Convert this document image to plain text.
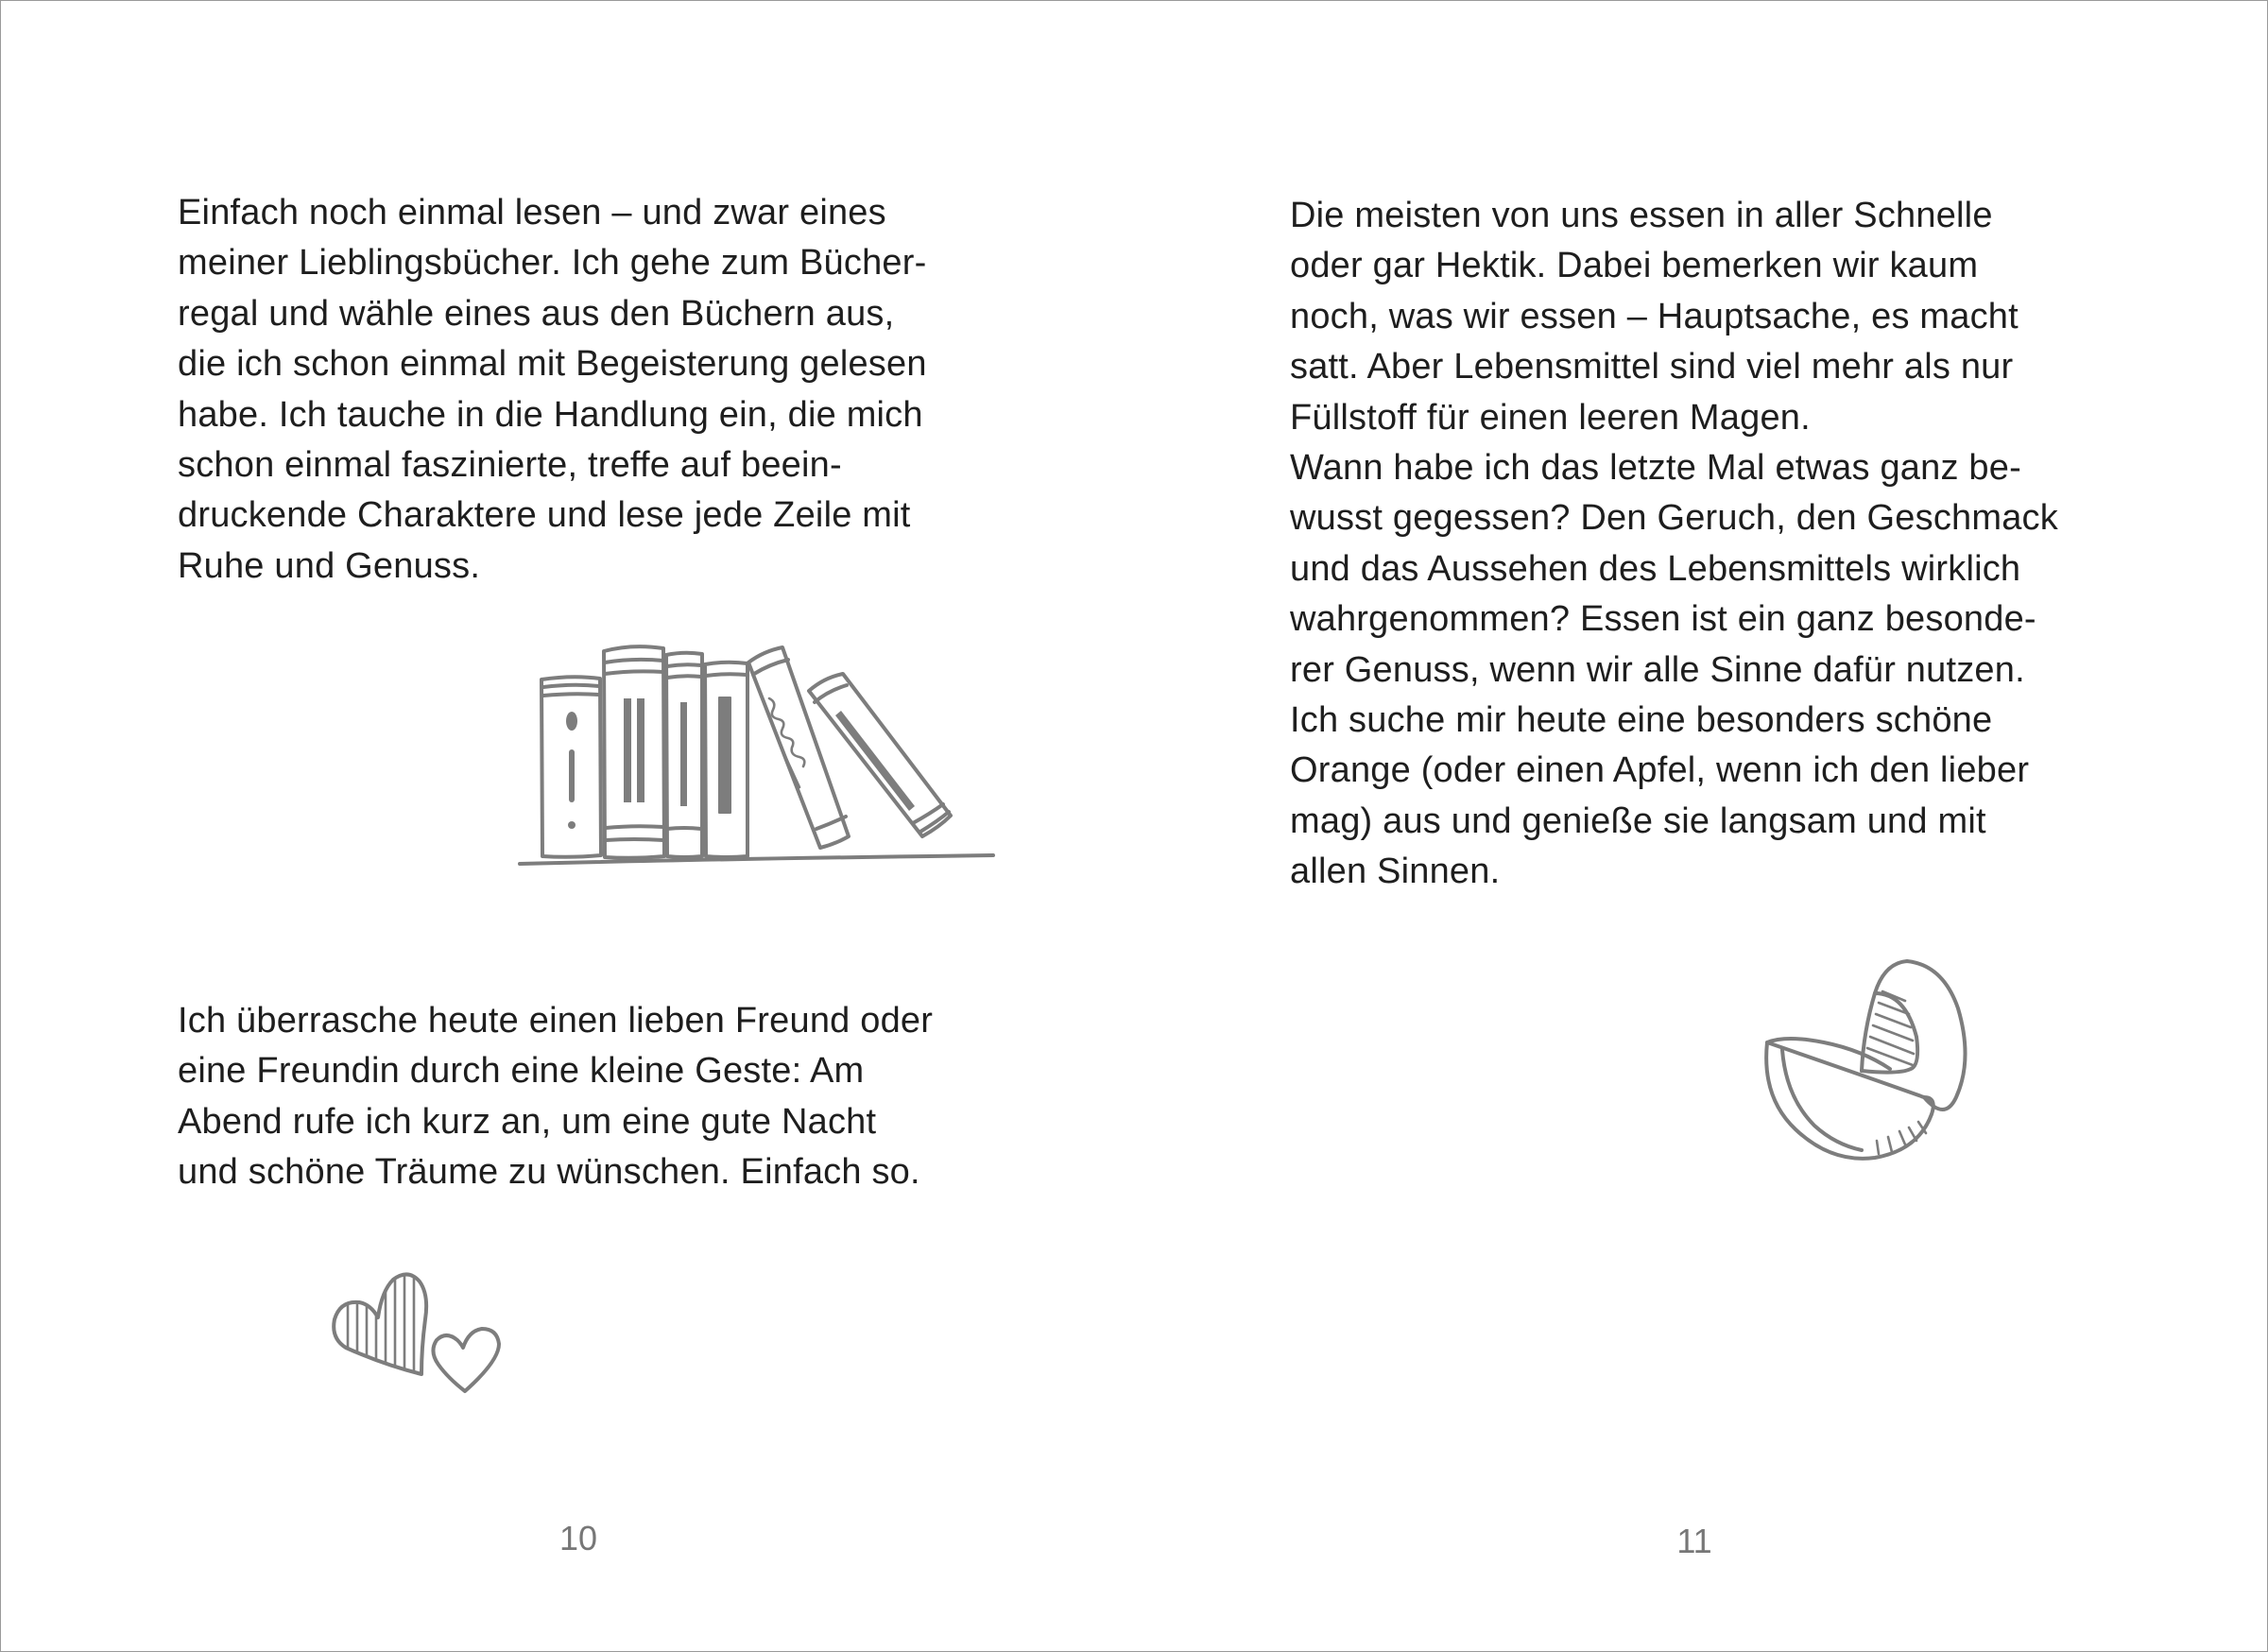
Einfach noch einmal lesen – und zwar eines
meiner Lieblingsbücher. Ich gehe zum Bücher-
regal und wähle eines aus den Büchern aus,
die ich schon einmal mit Begeisterung gelesen
habe. Ich tauche in die Handlung ein, die mich
schon einmal faszinierte, treffe auf beein-
druckende Charaktere und lese jede Zeile mit
Ruhe und Genuss.

Ich überrasche heute einen lieben Freund oder
eine Freundin durch eine kleine Geste: Am
Abend rufe ich kurz an, um eine gute Nacht
und schöne Träume zu wünschen. Einfach so.

10

Die meisten von uns essen in aller Schnelle
oder gar Hektik. Dabei bemerken wir kaum
noch, was wir essen – Hauptsache, es macht
satt. Aber Lebensmittel sind viel mehr als nur
Füllstoff für einen leeren Magen.
Wann habe ich das letzte Mal etwas ganz be-
wusst gegessen? Den Geruch, den Geschmack
und das Aussehen des Lebensmittels wirklich
wahrgenommen? Essen ist ein ganz besonde-
rer Genuss, wenn wir alle Sinne dafür nutzen.
Ich suche mir heute eine besonders schöne
Orange (oder einen Apfel, wenn ich den lieber
mag) aus und genieße sie langsam und mit
allen Sinnen.

11
